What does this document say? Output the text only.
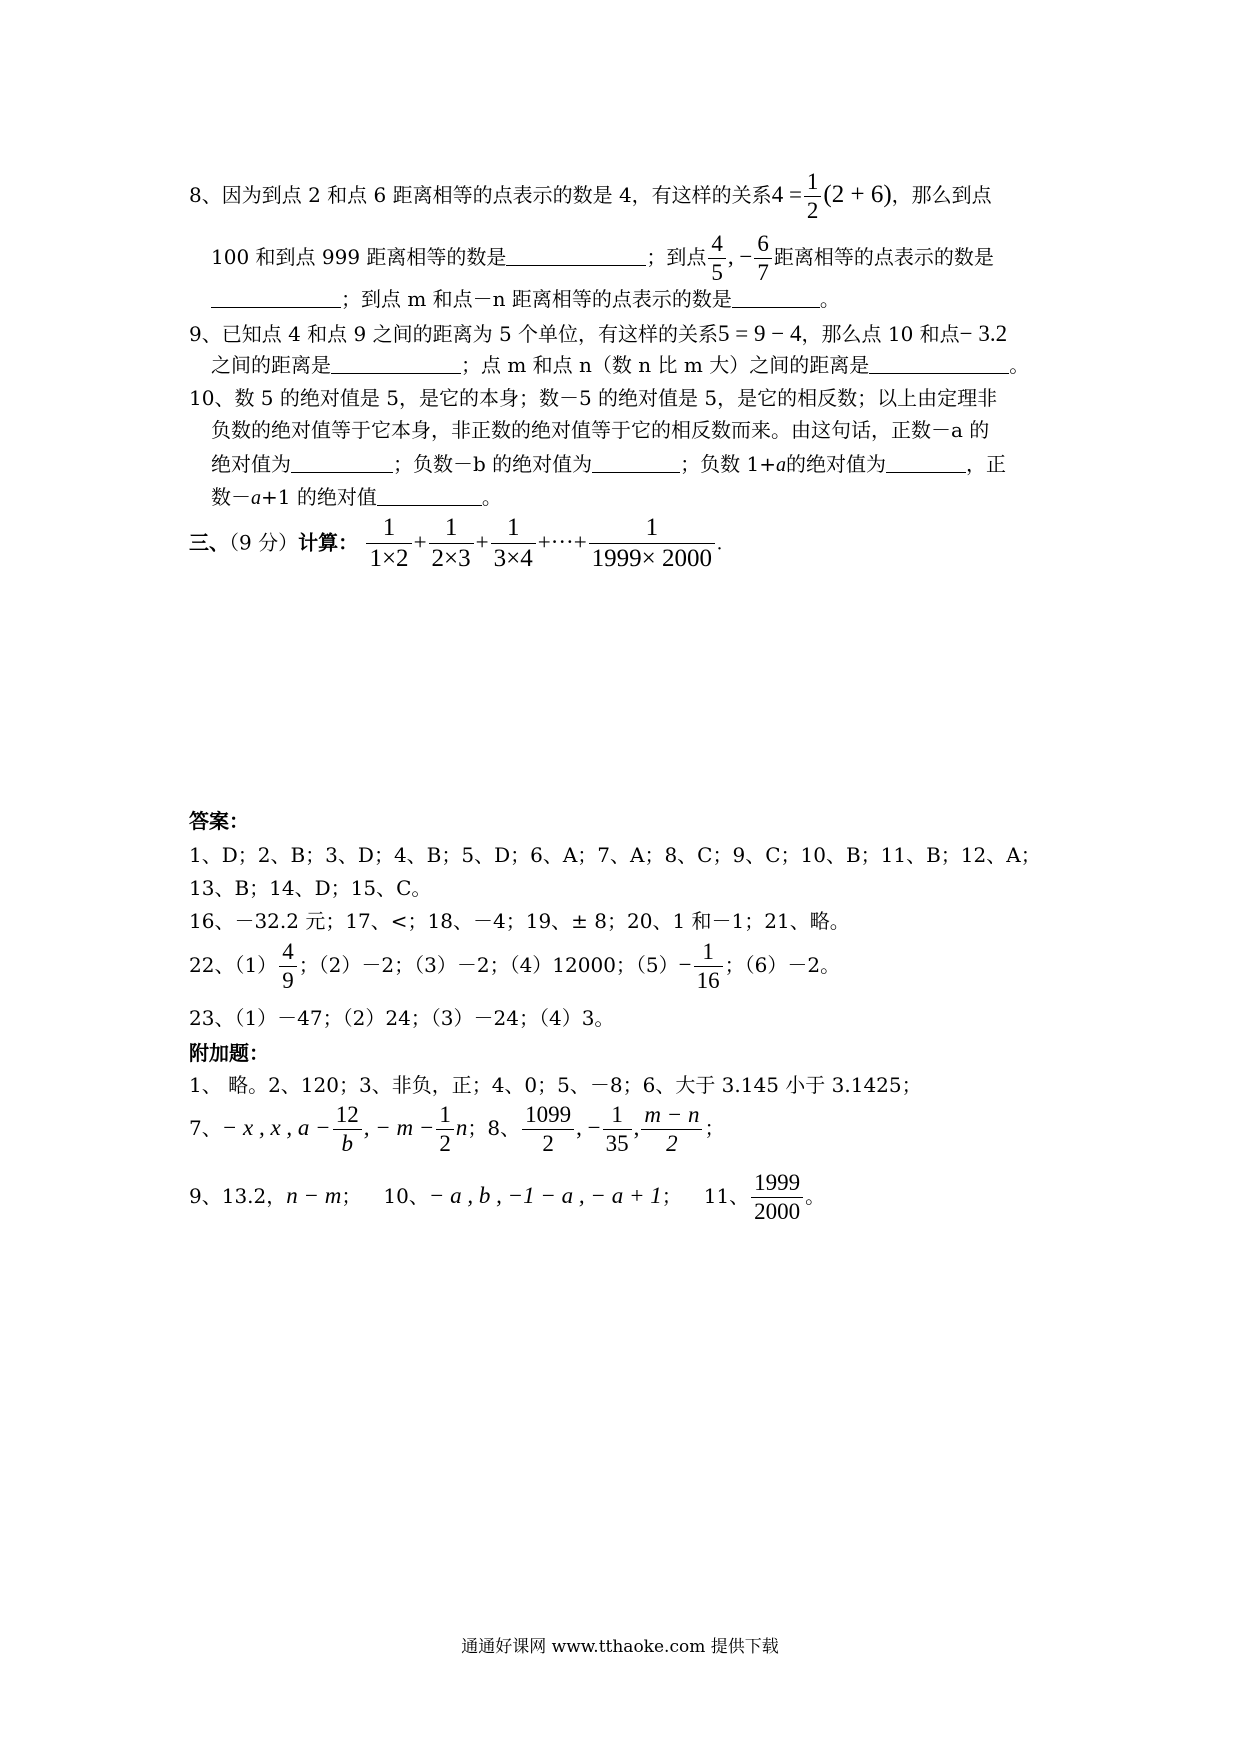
8、因为到点 2 和点 6 距离相等的点表示的数是 4，有这样的关系$4 = \frac{1}{2} (2 + 6)$，那么到点
100 和到点 999 距离相等的数是	；到点 $\frac{4}{5}$ , − $\frac{6}{7}$ 距离相等的点表示的数是
；到点 m 和点－n 距离相等的点表示的数是	。
9、已知点 4 和点 9 之间的距离为 5 个单位，有这样的关系5 = 9 − 4，那么点 10 和点− 3.2
之间的距离是	；点 m 和点 n（数 n 比 m 大）之间的距离是	。
10、数 5 的绝对值是 5，是它的本身；数－5 的绝对值是 5，是它的相反数；以上由定理非
负数的绝对值等于它本身，非正数的绝对值等于它的相反数而来。由这句话，正数－a 的
绝对值为	；负数－b 的绝对值为	；负数 1+a的绝对值为	，正
数－a+1 的绝对值	。
三、（9 分）计算： $\frac{1}{1\times 2} + \frac{1}{2\times 3} + \frac{1}{3\times 4}$ +···+ $\frac{1}{1999\times 2000}$ .
答案：
1、D；2、B；3、D；4、B；5、D；6、A；7、A；8、C；9、C；10、B；11、B；12、A；
13、B；14、D；15、C。
16、－32.2 元；17、<；18、－4；19、± 8；20、1 和－1；21、略。
22、$(1) \frac{4}{9}$ ；（2）－2；（3）－2；（4）12000；$(5)- \frac{1}{16}$ ；（6）－2。
23、（1）－47；（2）24；（3）－24；（4）3。
附加题：
1、 略。2、120；3、非负，正；4、0；5、－8；6、大于 3.145 小于 3.1425；
7、− x , x , $a - \frac{12}{b}$ , − $m - \frac{1}{2}$ n；8、 $\frac{1099}{2}$ , − $\frac{1}{35}$ , $\frac{m - n}{2}$ ；
9、13.2，n − m； 10、− a , b , −1 − a , − a + 1； 11、 $\frac{1999}{2000}$ 。
通通好课网 www.tthaoke.com 提供下载
